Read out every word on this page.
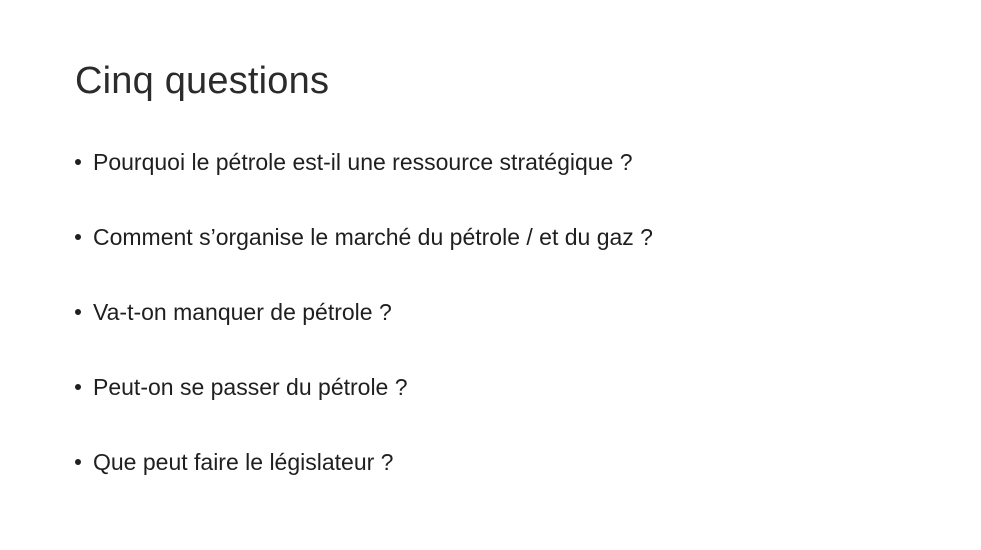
Cinq questions
Pourquoi le pétrole est-il une ressource stratégique ?
Comment s’organise le marché du pétrole / et du gaz ?
Va-t-on manquer de pétrole ?
Peut-on se passer du pétrole ?
Que peut faire le législateur ?
